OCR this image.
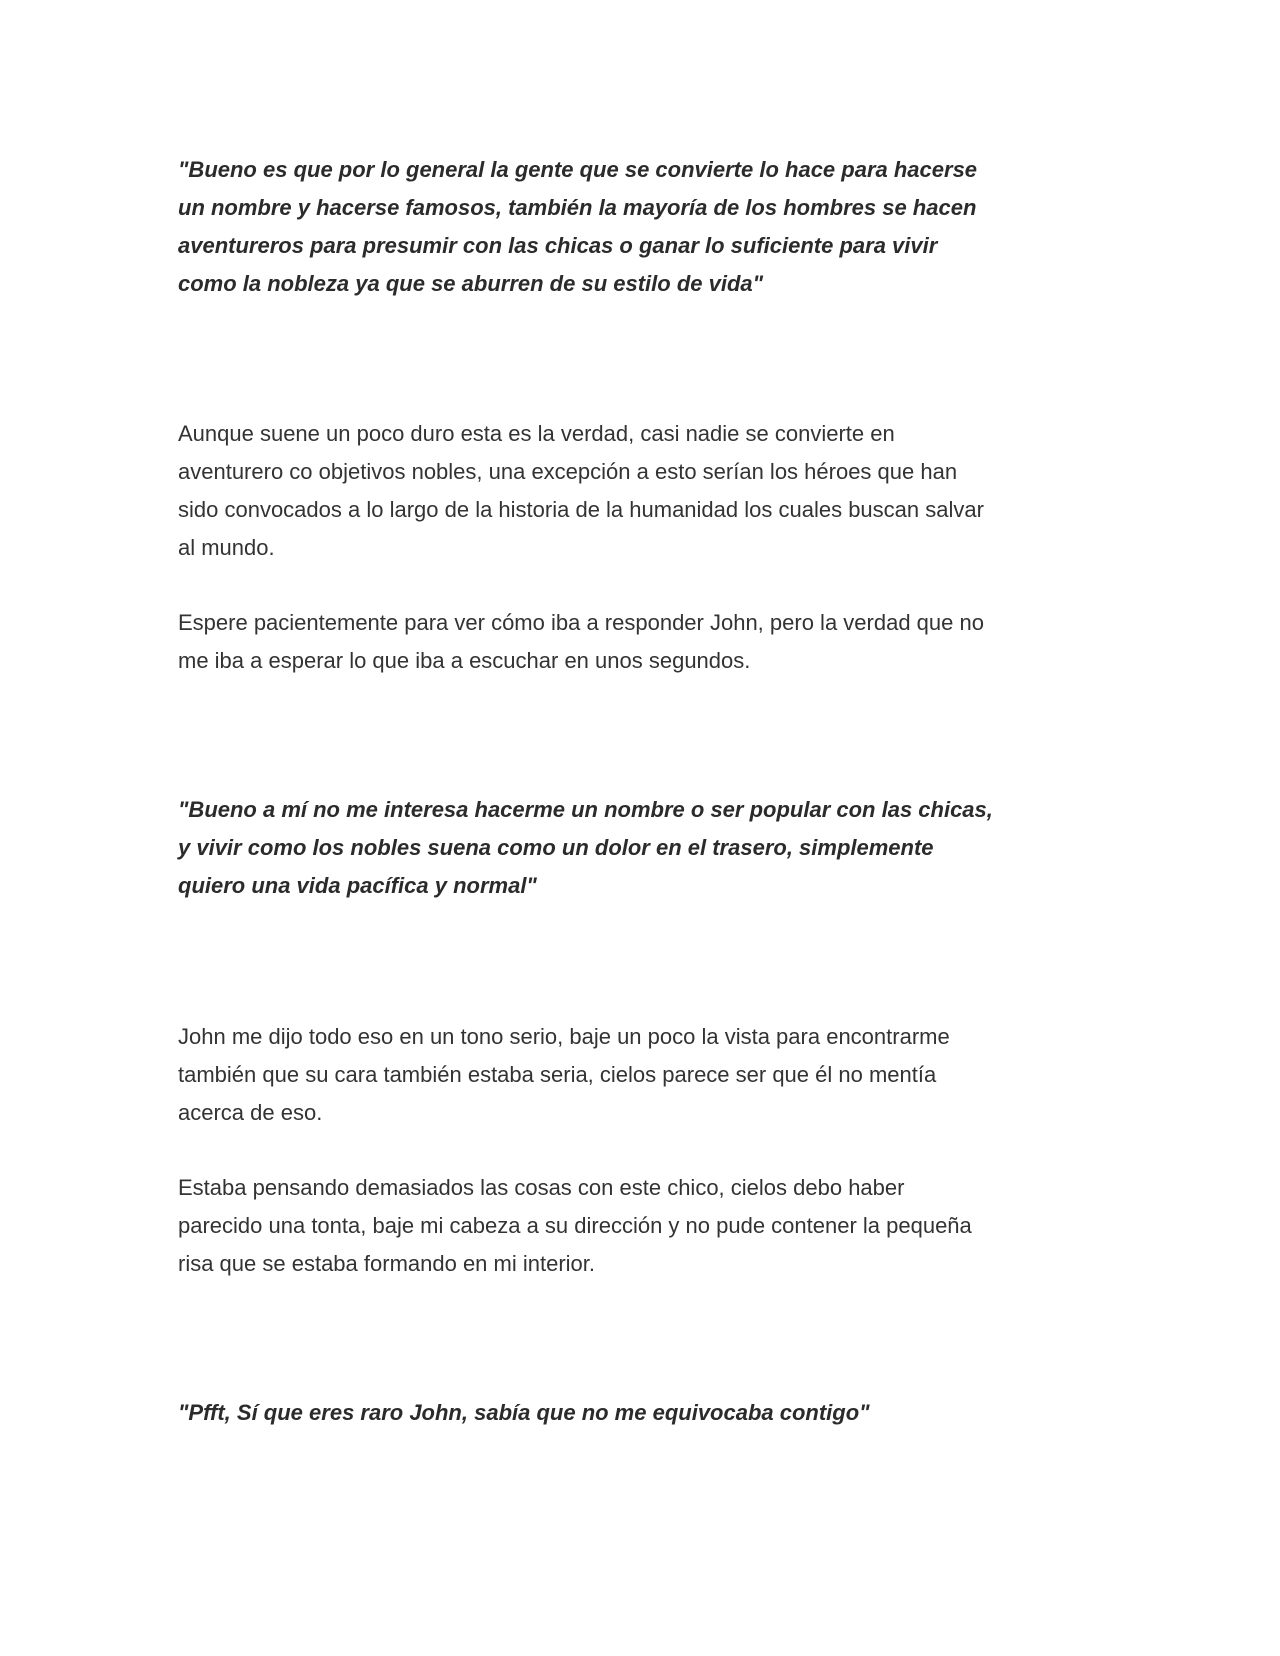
"Bueno es que por lo general la gente que se convierte lo hace para hacerse
un nombre y hacerse famosos, también la mayoría de los hombres se hacen
aventureros para presumir con las chicas o ganar lo suficiente para vivir
como la nobleza ya que se aburren de su estilo de vida"

Aunque suene un poco duro esta es la verdad, casi nadie se convierte en
aventurero co objetivos nobles, una excepción a esto serían los héroes que han
sido convocados a lo largo de la historia de la humanidad los cuales buscan salvar
al mundo.

Espere pacientemente para ver cómo iba a responder John, pero la verdad que no
me iba a esperar lo que iba a escuchar en unos segundos.

"Bueno a mí no me interesa hacerme un nombre o ser popular con las chicas,
y vivir como los nobles suena como un dolor en el trasero, simplemente
quiero una vida pacífica y normal"

John me dijo todo eso en un tono serio, baje un poco la vista para encontrarme
también que su cara también estaba seria, cielos parece ser que él no mentía
acerca de eso.

Estaba pensando demasiados las cosas con este chico, cielos debo haber
parecido una tonta, baje mi cabeza a su dirección y no pude contener la pequeña
risa que se estaba formando en mi interior.

"Pfft, Sí que eres raro John, sabía que no me equivocaba contigo"
